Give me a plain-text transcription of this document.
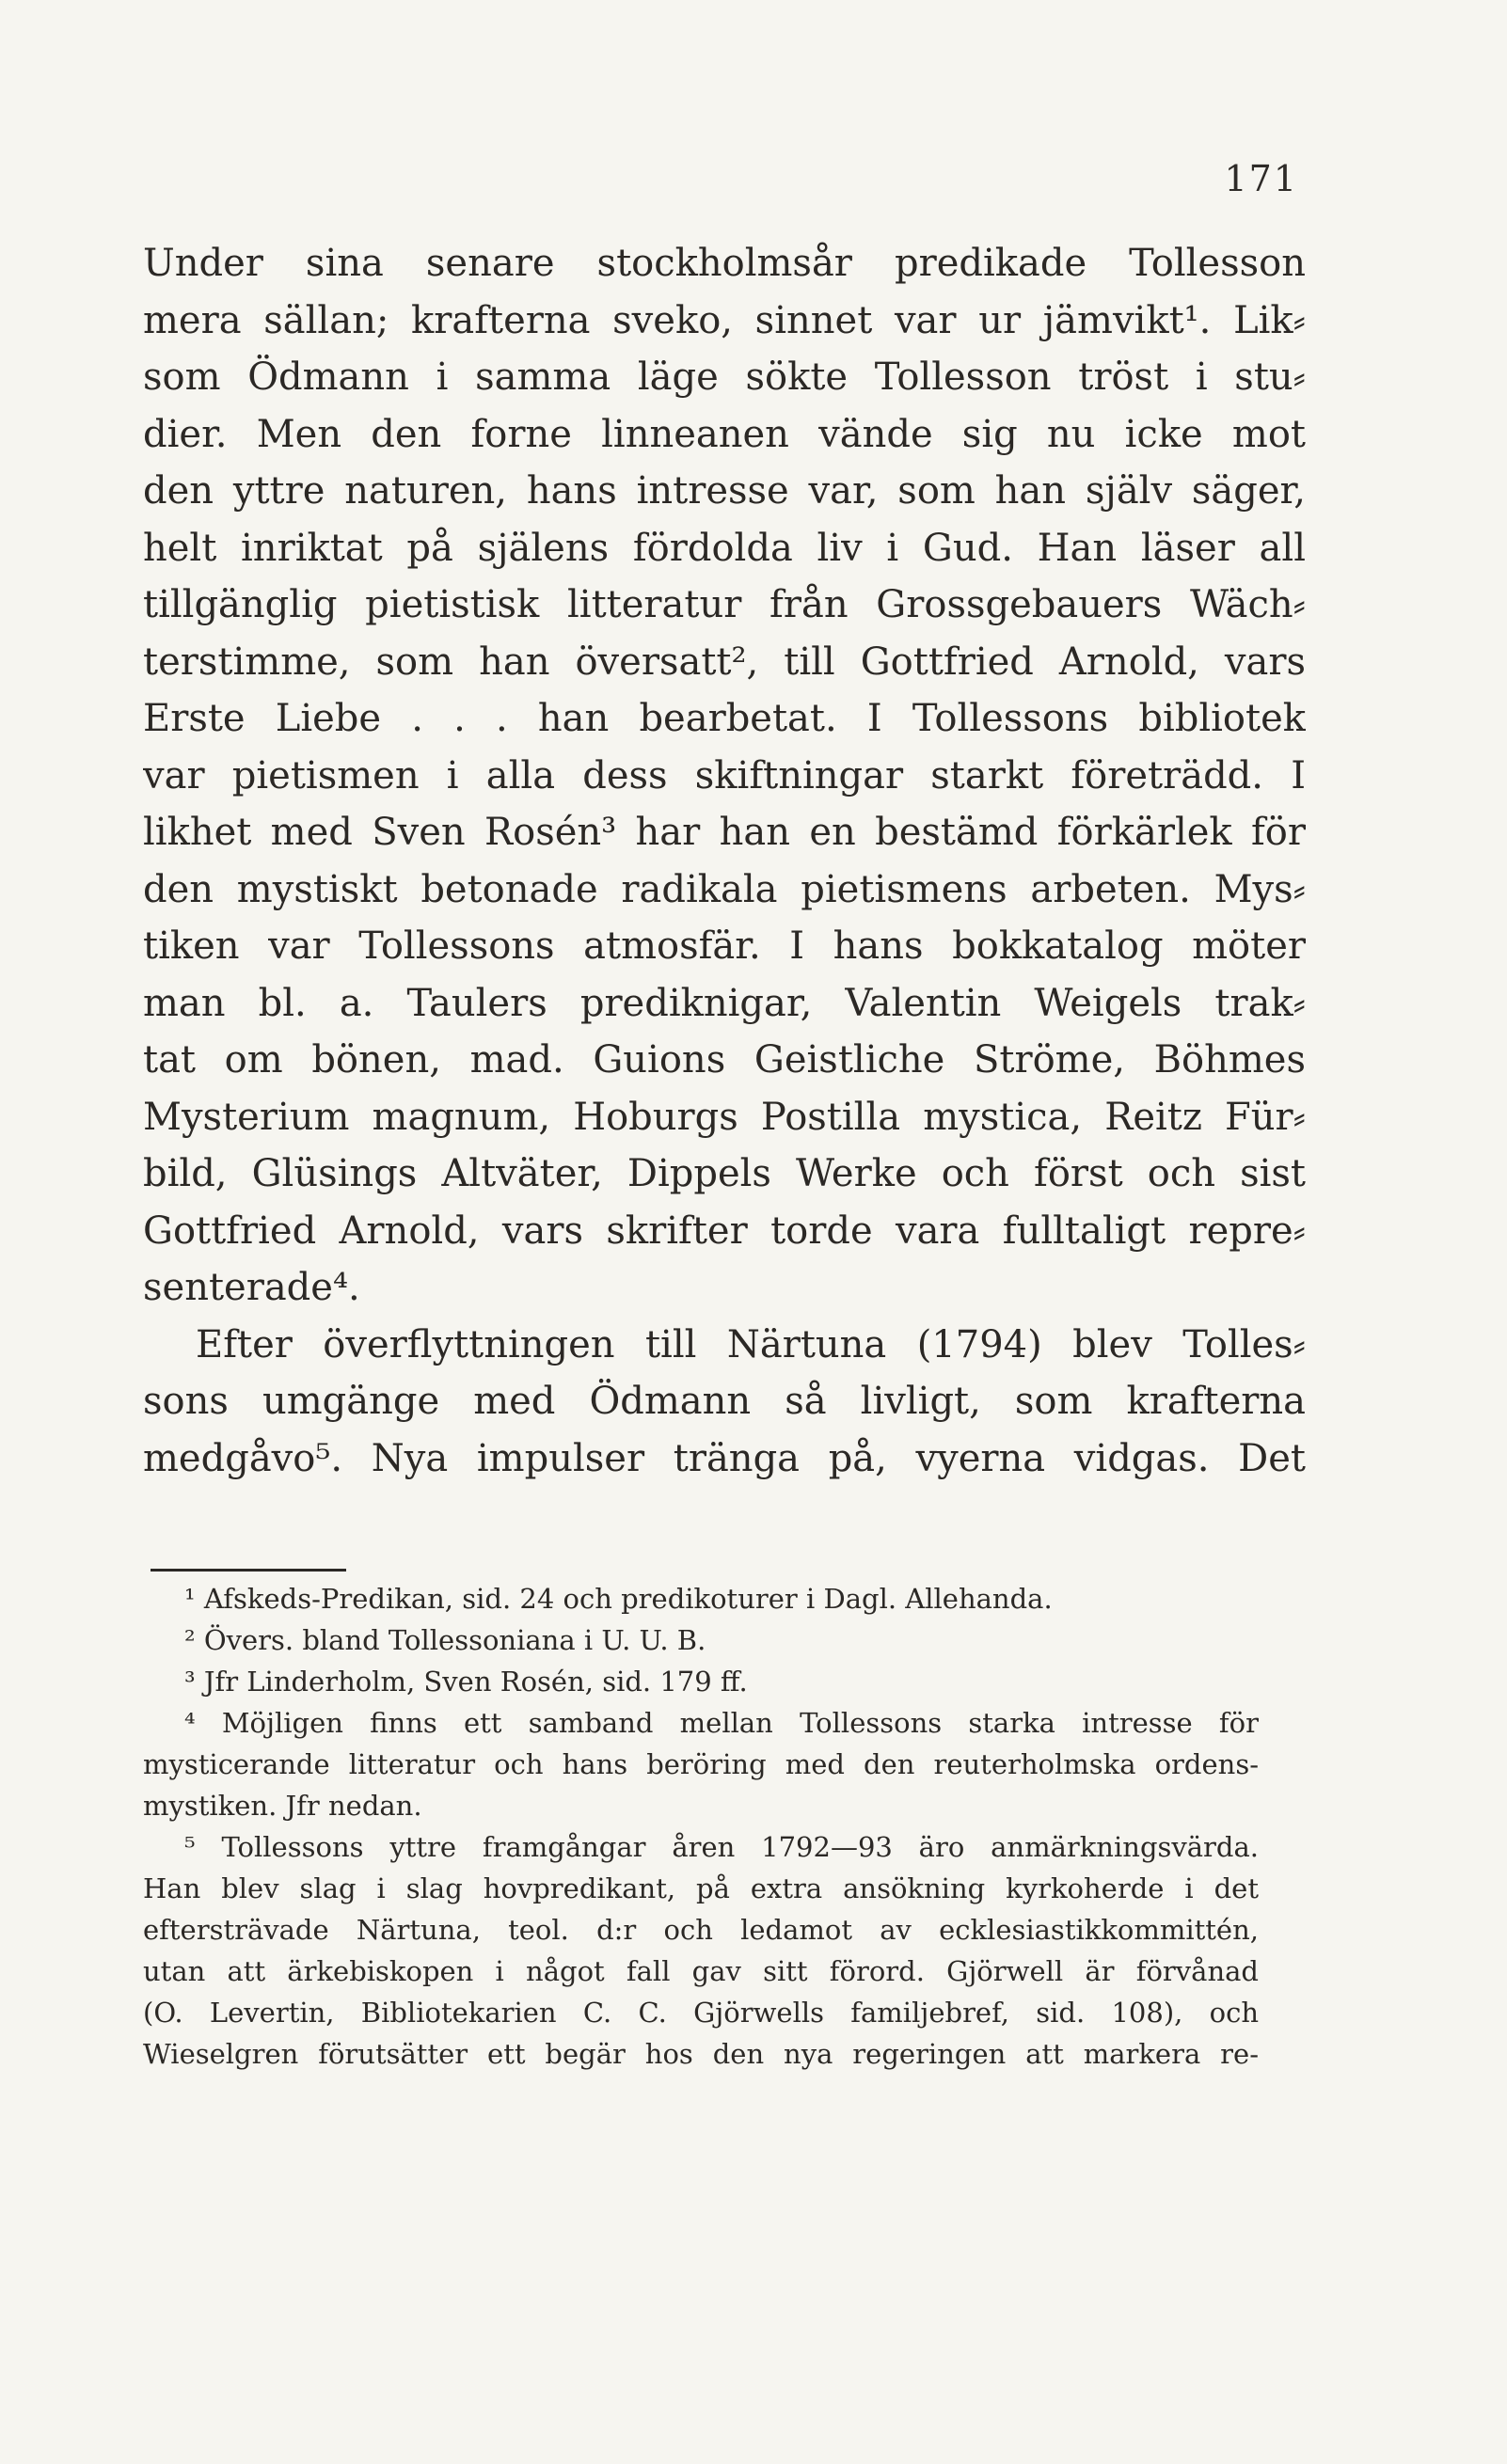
171
Under sina senare stockholmsår predikade Tollesson
mera sällan; krafterna sveko, sinnet var ur jämvikt¹. Lik⸗
som Ödmann i samma läge sökte Tollesson tröst i stu⸗
dier. Men den forne linneanen vände sig nu icke mot
den yttre naturen, hans intresse var, som han själv säger,
helt inriktat på själens fördolda liv i Gud. Han läser all
tillgänglig pietistisk litteratur från Grossgebauers Wäch⸗
terstimme, som han översatt², till Gottfried Arnold, vars
Erste Liebe . . . han bearbetat. I Tollessons bibliotek
var pietismen i alla dess skiftningar starkt företrädd. I
likhet med Sven Rosén³ har han en bestämd förkärlek för
den mystiskt betonade radikala pietismens arbeten. Mys⸗
tiken var Tollessons atmosfär. I hans bokkatalog möter
man bl. a. Taulers prediknigar, Valentin Weigels trak⸗
tat om bönen, mad. Guions Geistliche Ströme, Böhmes
Mysterium magnum, Hoburgs Postilla mystica, Reitz Für⸗
bild, Glüsings Altväter, Dippels Werke och först och sist
Gottfried Arnold, vars skrifter torde vara fulltaligt repre⸗
senterade⁴.
Efter överflyttningen till Närtuna (1794) blev Tolles⸗
sons umgänge med Ödmann så livligt, som krafterna
medgåvo⁵. Nya impulser tränga på, vyerna vidgas. Det
¹ Afskeds-Predikan, sid. 24 och predikoturer i Dagl. Allehanda.
² Övers. bland Tollessoniana i U. U. B.
³ Jfr Linderholm, Sven Rosén, sid. 179 ff.
⁴ Möjligen finns ett samband mellan Tollessons starka intresse för
mysticerande litteratur och hans beröring med den reuterholmska ordens-
mystiken. Jfr nedan.
⁵ Tollessons yttre framgångar åren 1792—93 äro anmärkningsvärda.
Han blev slag i slag hovpredikant, på extra ansökning kyrkoherde i det
eftersträvade Närtuna, teol. d:r och ledamot av ecklesiastikkommittén,
utan att ärkebiskopen i något fall gav sitt förord. Gjörwell är förvånad
(O. Levertin, Bibliotekarien C. C. Gjörwells familjebref, sid. 108), och
Wieselgren förutsätter ett begär hos den nya regeringen att markera re-
